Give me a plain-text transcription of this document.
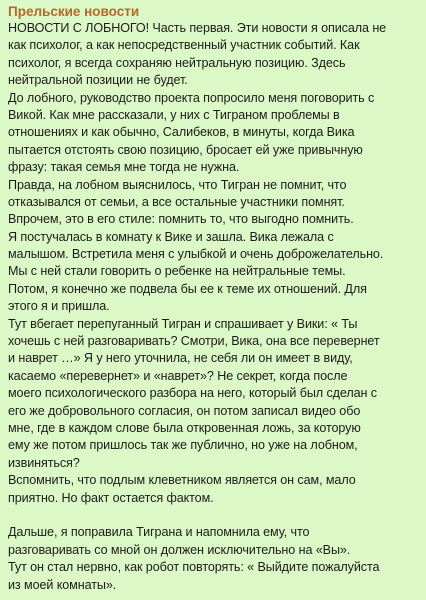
Прельские новости
НОВОСТИ С ЛОБНОГО! Часть первая. Эти новости я описала не
как психолог, а как непосредственный участник событий. Как
психолог, я всегда сохраняю нейтральную позицию. Здесь
нейтральной позиции не будет.
До лобного, руководство проекта попросило меня поговорить с
Викой. Как мне рассказали, у них с Тиграном проблемы в
отношениях и как обычно, Салибеков, в минуты, когда Вика
пытается отстоять свою позицию, бросает ей уже привычную
фразу: такая семья мне тогда не нужна.
Правда, на лобном выяснилось, что Тигран не помнит, что
отказывался от семьи, а все остальные участники помнят.
Впрочем, это в его стиле: помнить то, что выгодно помнить.
Я постучалась в комнату к Вике и зашла. Вика лежала с
малышом. Встретила меня с улыбкой и очень доброжелательно.
Мы с ней стали говорить о ребенке на нейтральные темы.
Потом, я конечно же подвела бы ее к теме их отношений. Для
этого я и пришла.
Тут вбегает перепуганный Тигран и спрашивает у Вики: « Ты
хочешь с ней разговаривать? Смотри, Вика, она все перевернет
и наврет …» Я у него уточнила, не себя ли он имеет в виду,
касаемо «перевернет» и «наврет»? Не секрет, когда после
моего психологического разбора на него, который был сделан с
его же добровольного согласия, он потом записал видео обо
мне, где в каждом слове была откровенная ложь, за которую
ему же потом пришлось так же публично, но уже на лобном,
извиняться?
Вспомнить, что подлым клеветником является он сам, мало
приятно. Но факт остается фактом.
Дальше, я поправила Тиграна и напомнила ему, что
разговаривать со мной он должен исключительно на «Вы».
Тут он стал нервно, как робот повторять: « Выйдите пожалуйста
из моей комнаты».
